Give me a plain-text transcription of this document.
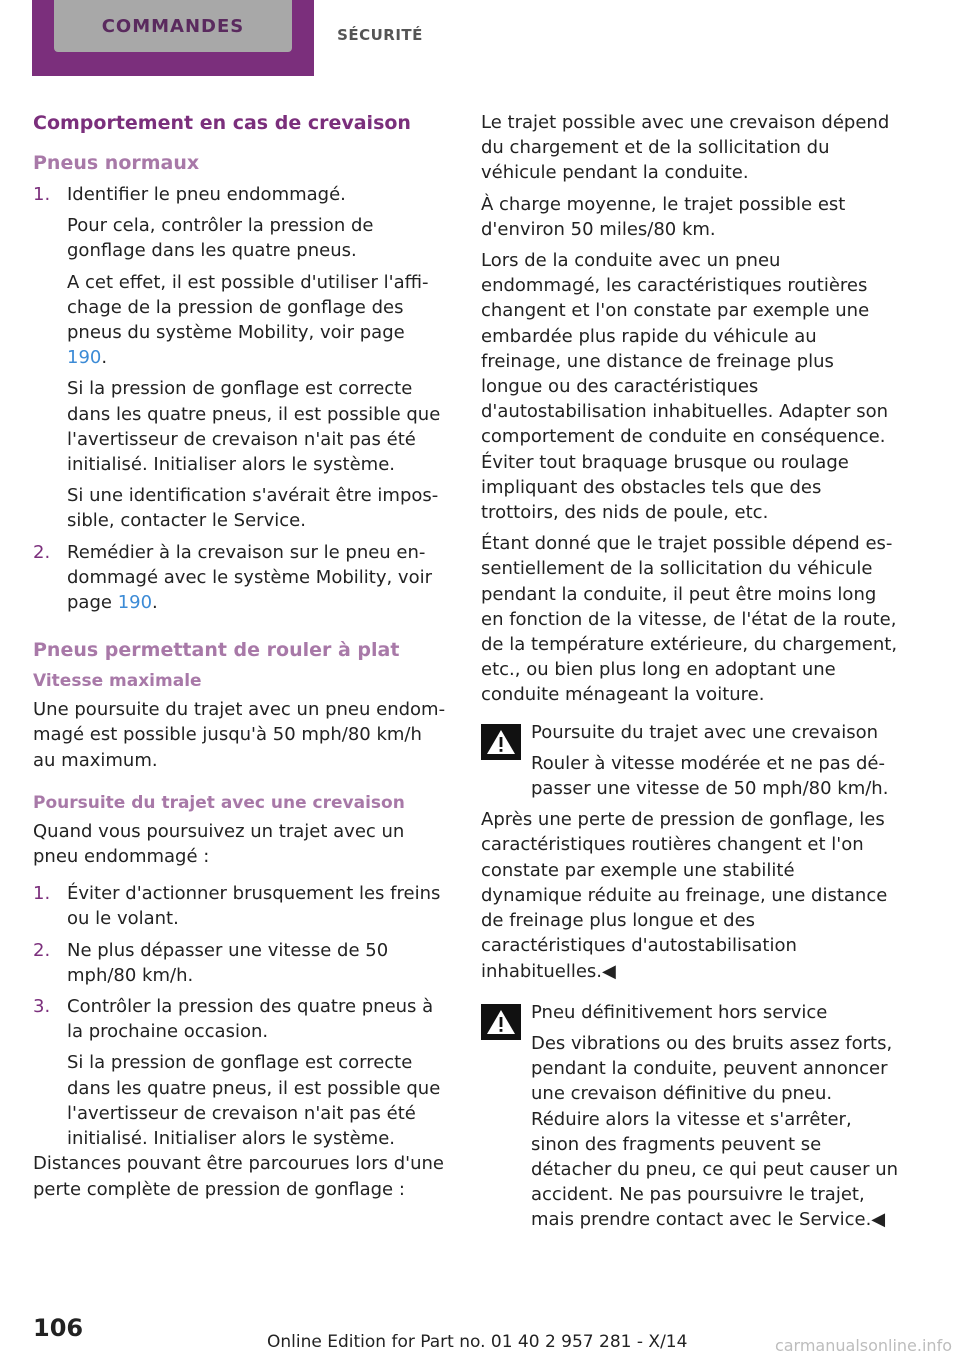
COMMANDES	SÉCURITÉ
Comportement en cas de crevaison
Pneus normaux
1. Identifier le pneu endommagé.

Pour cela, contrôler la pression de gonflage dans les quatre pneus.

A cet effet, il est possible d'utiliser l'affichage de la pression de gonflage des pneus du système Mobility, voir page 190.

Si la pression de gonflage est correcte dans les quatre pneus, il est possible que l'avertisseur de crevaison n'ait pas été initialisé. Initialiser alors le système.

Si une identification s'avérait être impossible, contacter le Service.

2. Remédier à la crevaison sur le pneu endommagé avec le système Mobility, voir page 190.

Pneus permettant de rouler à plat
Vitesse maximale

Une poursuite du trajet avec un pneu endommagé est possible jusqu'à 50 mph/80 km/h au maximum.

Poursuite du trajet avec une crevaison

Quand vous poursuivez un trajet avec un pneu endommagé :

1. Éviter d'actionner brusquement les freins ou le volant.

2. Ne plus dépasser une vitesse de 50 mph/80 km/h.

3. Contrôler la pression des quatre pneus à la prochaine occasion.

Si la pression de gonflage est correcte dans les quatre pneus, il est possible que l'avertisseur de crevaison n'ait pas été initialisé. Initialiser alors le système.

Distances pouvant être parcourues lors d'une perte complète de pression de gonflage :

Le trajet possible avec une crevaison dépend du chargement et de la sollicitation du véhicule pendant la conduite.

À charge moyenne, le trajet possible est d'environ 50 miles/80 km.

Lors de la conduite avec un pneu endommagé, les caractéristiques routières changent et l'on constate par exemple une embardée plus rapide du véhicule au freinage, une distance de freinage plus longue ou des caractéristiques d'autostabilisation inhabituelles. Adapter son comportement de conduite en conséquence. Éviter tout braquage brusque ou roulage impliquant des obstacles tels que des trottoirs, des nids de poule, etc.

Étant donné que le trajet possible dépend essentiellement de la sollicitation du véhicule pendant la conduite, il peut être moins long en fonction de la vitesse, de l'état de la route, de la température extérieure, du chargement, etc., ou bien plus long en adoptant une conduite ménageant la voiture.

Poursuite du trajet avec une crevaison

Rouler à vitesse modérée et ne pas dépasser une vitesse de 50 mph/80 km/h.

Après une perte de pression de gonflage, les caractéristiques routières changent et l'on constate par exemple une stabilité dynamique réduite au freinage, une distance de freinage plus longue et des caractéristiques d'autostabilisation inhabituelles.◀

Pneu définitivement hors service

Des vibrations ou des bruits assez forts, pendant la conduite, peuvent annoncer une crevaison définitive du pneu. Réduire alors la vitesse et s'arrêter, sinon des fragments peuvent se détacher du pneu, ce qui peut causer un accident. Ne pas poursuivre le trajet, mais prendre contact avec le Service.◀

106	Online Edition for Part no. 01 40 2 957 281 - X/14	carmanualsonline.info
